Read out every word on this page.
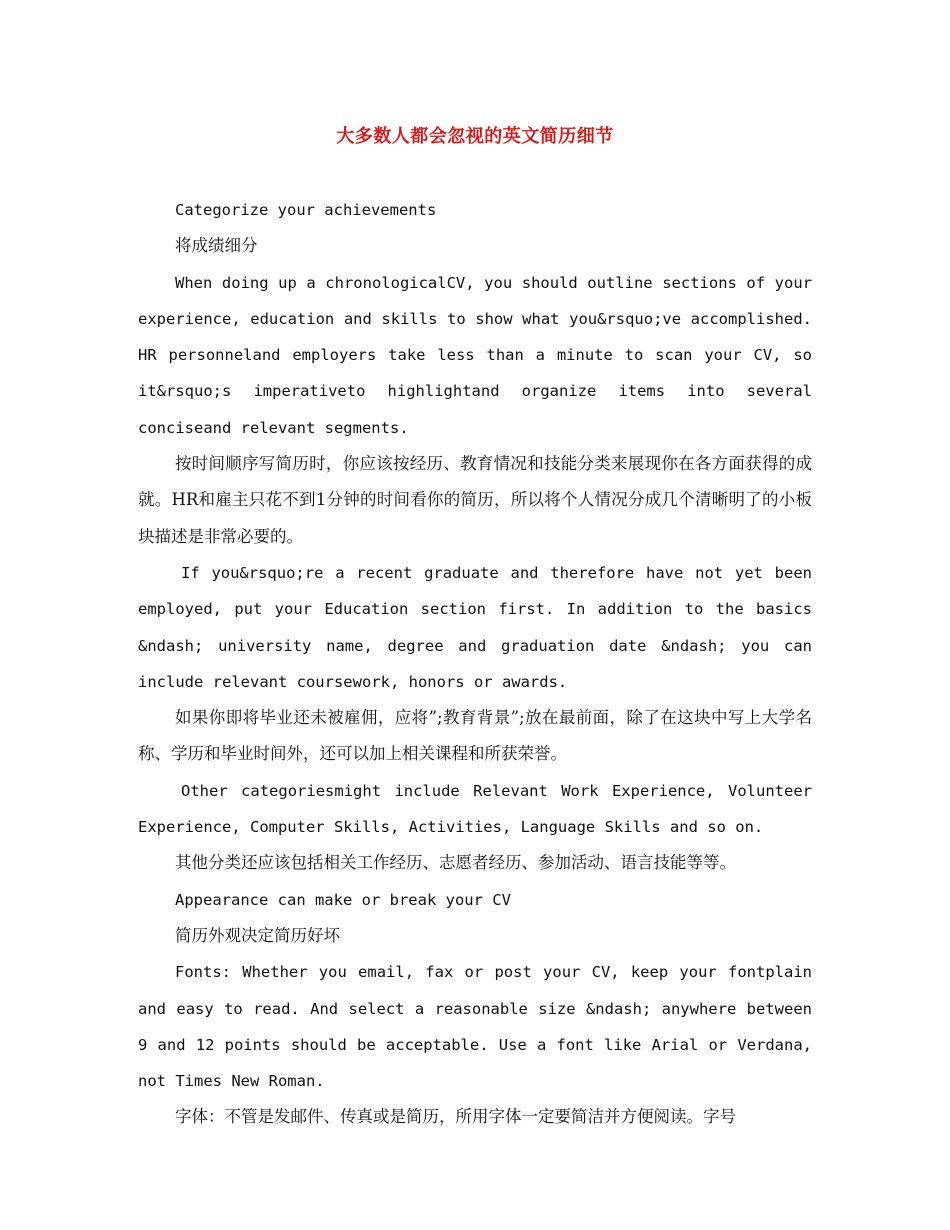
大多数人都会忽视的英文简历细节

Categorize your achievements

将成绩细分

When doing up a chronologicalCV, you should outline sections of your experience, education and skills to show what you&rsquo;ve accomplished. HR personneland employers take less than a minute to scan your CV, so it&rsquo;s imperativeto highlightand organize items into several conciseand relevant segments.

按时间顺序写简历时，你应该按经历、教育情况和技能分类来展现你在各方面获得的成就。HR和雇主只花不到1分钟的时间看你的简历，所以将个人情况分成几个清晰明了的小板块描述是非常必要的。

If you&rsquo;re a recent graduate and therefore have not yet been employed, put your Education section first. In addition to the basics &ndash; university name, degree and graduation date &ndash; you can include relevant coursework, honors or awards.

如果你即将毕业还未被雇佣，应将”;教育背景”;放在最前面，除了在这块中写上大学名称、学历和毕业时间外，还可以加上相关课程和所获荣誉。

Other categoriesmight include Relevant Work Experience, Volunteer Experience, Computer Skills, Activities, Language Skills and so on.

其他分类还应该包括相关工作经历、志愿者经历、参加活动、语言技能等等。

Appearance can make or break your CV

简历外观决定简历好坏

Fonts: Whether you email, fax or post your CV, keep your fontplain and easy to read. And select a reasonable size &ndash; anywhere between 9 and 12 points should be acceptable. Use a font like Arial or Verdana, not Times New Roman.

字体：不管是发邮件、传真或是简历，所用字体一定要简洁并方便阅读。字号
